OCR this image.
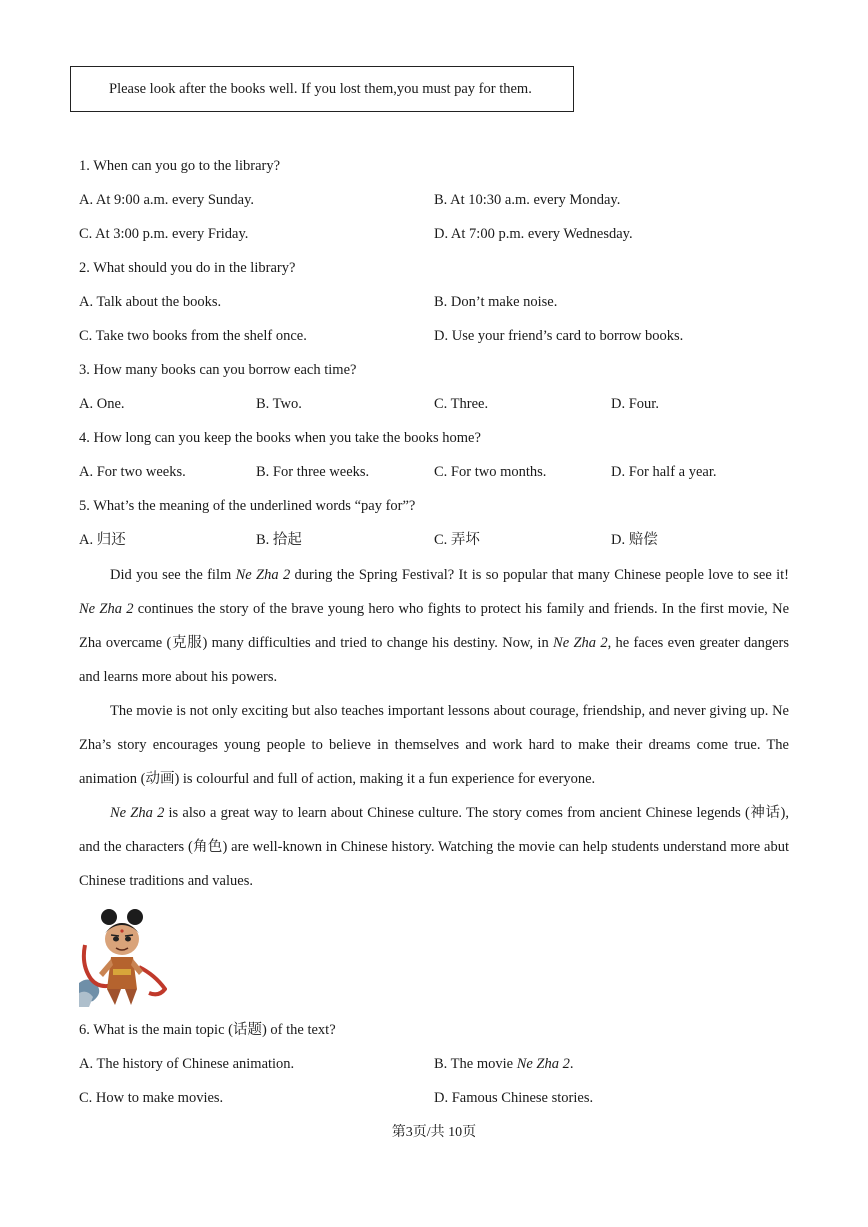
Please look after the books well. If you lost them,you must pay for them.
1. When can you go to the library?
A. At 9:00 a.m. every Sunday.	B. At 10:30 a.m. every Monday.
C. At 3:00 p.m. every Friday.	D. At 7:00 p.m. every Wednesday.
2. What should you do in the library?
A. Talk about the books.	B. Don’t make noise.
C. Take two books from the shelf once.	D. Use your friend’s card to borrow books.
3. How many books can you borrow each time?
A. One.	B. Two.	C. Three.	D. Four.
4. How long can you keep the books when you take the books home?
A. For two weeks.	B. For three weeks.	C. For two months.	D. For half a year.
5. What’s the meaning of the underlined words “pay for”?
A. 归还	B. 拾起	C. 弄坏	D. 赔偿

Did you see the film Ne Zha 2 during the Spring Festival? It is so popular that many Chinese people love to see it! Ne Zha 2 continues the story of the brave young hero who fights to protect his family and friends. In the first movie, Ne Zha overcame (克服) many difficulties and tried to change his destiny. Now, in Ne Zha 2, he faces even greater dangers and learns more about his powers.

The movie is not only exciting but also teaches important lessons about courage, friendship, and never giving up. Ne Zha’s story encourages young people to believe in themselves and work hard to make their dreams come true. The animation (动画) is colourful and full of action, making it a fun experience for everyone.

Ne Zha 2 is also a great way to learn about Chinese culture. The story comes from ancient Chinese legends (神话), and the characters (角色) are well-known in Chinese history. Watching the movie can help students understand more abut Chinese traditions and values.

6. What is the main topic (话题) of the text?
A. The history of Chinese animation.	B. The movie Ne Zha 2.
C. How to make movies.	D. Famous Chinese stories.
第3页/共 10页
